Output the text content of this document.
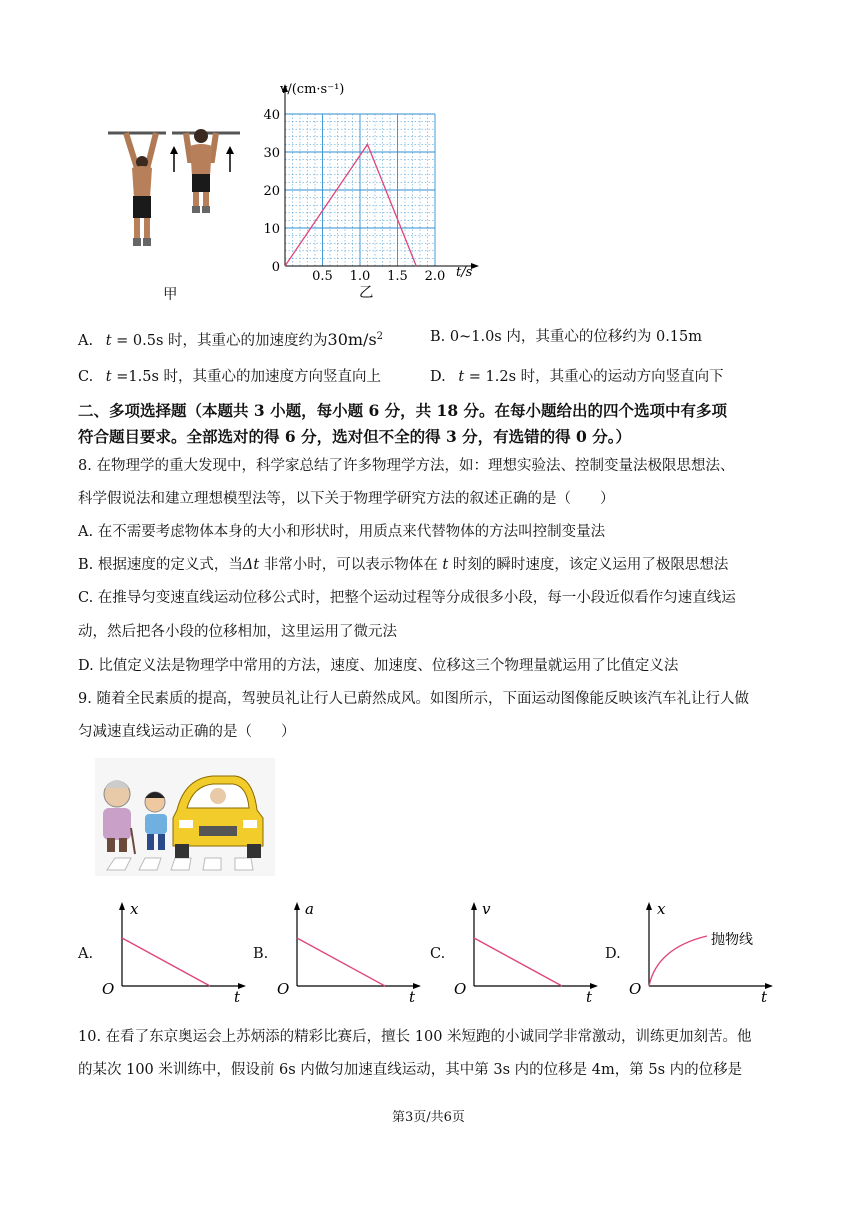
甲
40
30
20
10
0
0.5 1.0 1.5 2.0
v/(cm·s⁻¹)
t/s
乙
A. t = 0.5s 时，其重心的加速度约为$30m/s^2$	B. 0~1.0s 内，其重心的位移约为 0.15m
C. t =1.5s 时，其重心的加速度方向竖直向上	D. t = 1.2s 时，其重心的运动方向竖直向下
二、多项选择题（本题共 3 小题，每小题 6 分，共 18 分。在每小题给出的四个选项中有多项
符合题目要求。全部选对的得 6 分，选对但不全的得 3 分，有选错的得 0 分。）
8. 在物理学的重大发现中，科学家总结了许多物理学方法，如：理想实验法、控制变量法极限思想法、
科学假说法和建立理想模型法等，以下关于物理学研究方法的叙述正确的是（　　）
A. 在不需要考虑物体本身的大小和形状时，用质点来代替物体的方法叫控制变量法
B. 根据速度的定义式，当Δt 非常小时，可以表示物体在 t 时刻的瞬时速度，该定义运用了极限思想法
C. 在推导匀变速直线运动位移公式时，把整个运动过程等分成很多小段，每一小段近似看作匀速直线运
动，然后把各小段的位移相加，这里运用了微元法
D. 比值定义法是物理学中常用的方法，速度、加速度、位移这三个物理量就运用了比值定义法
9. 随着全民素质的提高，驾驶员礼让行人已蔚然成风。如图所示，下面运动图像能反映该汽车礼让行人做
匀减速直线运动正确的是（　　）
A.
x
t
O
B.
a
t
O
C.
v
t
O
D.
x
t
O
抛物线
10. 在看了东京奥运会上苏炳添的精彩比赛后，擅长 100 米短跑的小诚同学非常激动，训练更加刻苦。他
的某次 100 米训练中，假设前 6s 内做匀加速直线运动，其中第 3s 内的位移是 4m，第 5s 内的位移是
第3页/共6页
